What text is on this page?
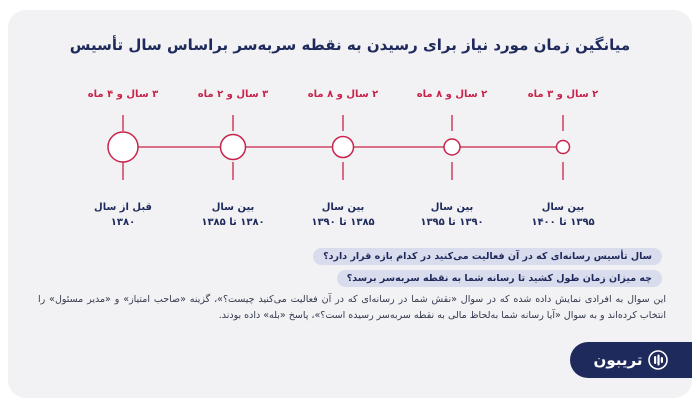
میانگین زمان مورد نیاز برای رسیدن به نقطه سربه‌سر براساس سال تأسیس
۲ سال و ۳ ماه
بین سال
۱۳۹۵ تا ۱۴۰۰
۲ سال و ۸ ماه
بین سال
۱۳۹۰ تا ۱۳۹۵
۲ سال و ۸ ماه
بین سال
۱۳۸۵ تا ۱۳۹۰
۳ سال و ۲ ماه
بین سال
۱۳۸۰ تا ۱۳۸۵
۳ سال و ۴ ماه
قبل از سال
۱۳۸۰
سال تأسیس رسانه‌ای که در آن فعالیت می‌کنید در کدام بازه قرار دارد؟
چه میزان زمان طول کشید تا رسانه شما به نقطه سربه‌سر برسد؟
این سوال به افرادی نمایش داده شده که در سوال «نقش شما در رسانه‌ای که در آن فعالیت می‌کنید چیست؟»، گزینه «صاحب امتیاز» و «مدیر مسئول» را انتخاب کرده‌اند و به سوال «آیا رسانه شما به‌لحاظ مالی به نقطه سربه‌سر رسیده است؟»، پاسخ «بله» داده بودند.
تریبون
